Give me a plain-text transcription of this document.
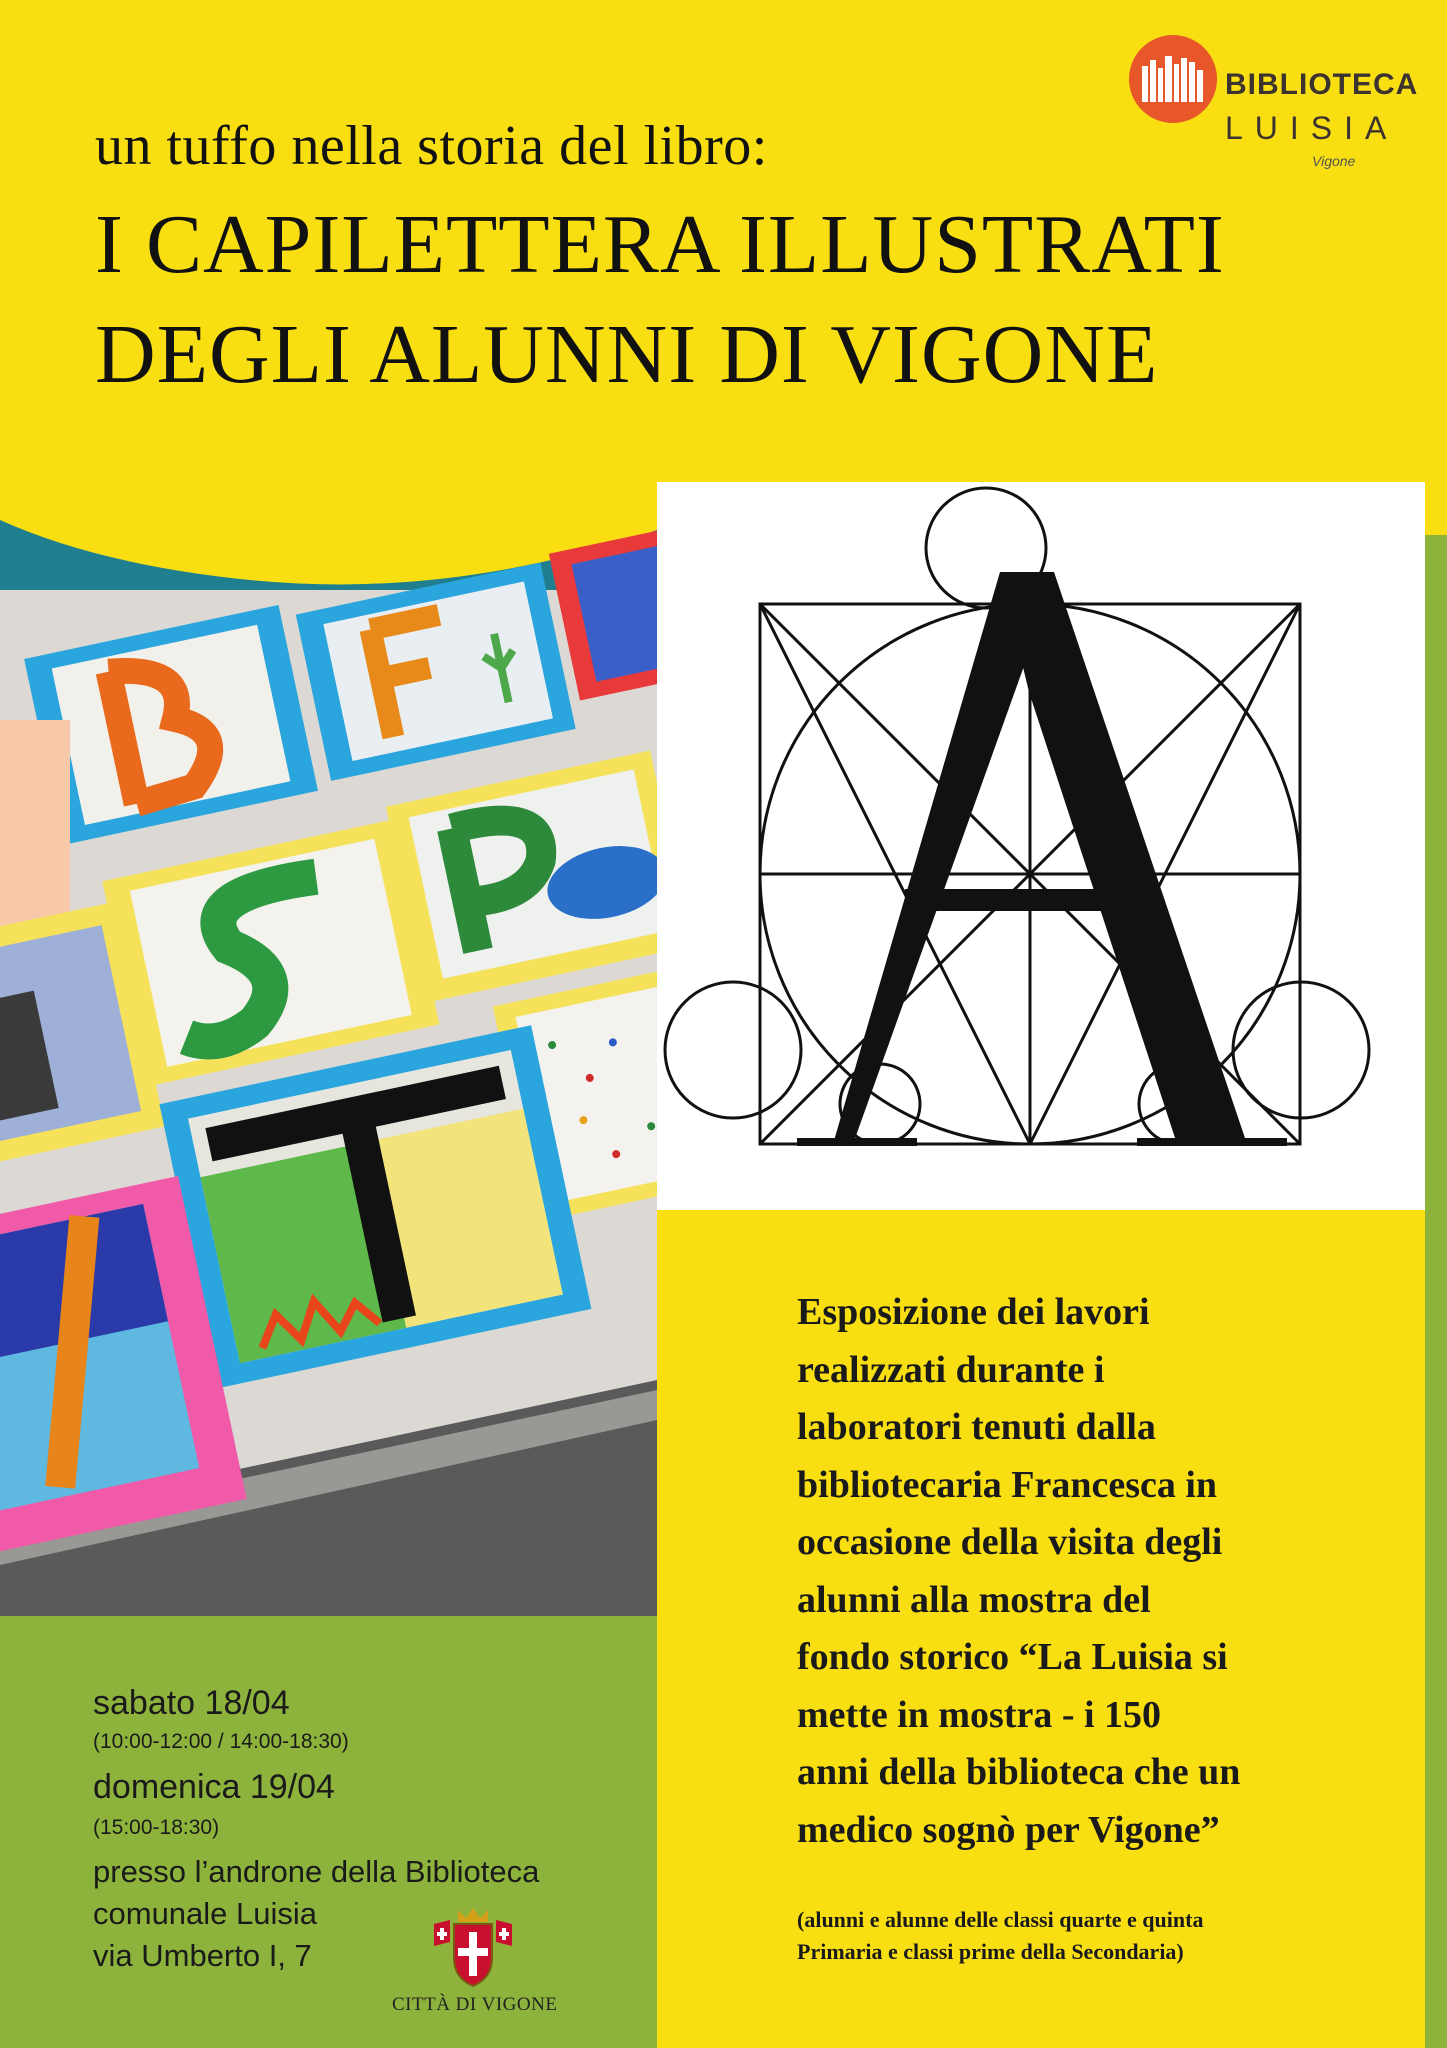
un tuffo nella storia del libro:
I CAPILETTERA ILLUSTRATI
DEGLI ALUNNI DI VIGONE
BIBLIOTECA
LUISIA
Vigone
Esposizione dei lavori
realizzati durante i
laboratori tenuti dalla
bibliotecaria Francesca in
occasione della visita degli
alunni alla mostra del
fondo storico “La Luisia si
mette in mostra - i 150
anni della biblioteca che un
medico sognò per Vigone”
(alunni e alunne delle classi quarte e quinta
Primaria e classi prime della Secondaria)
sabato 18/04
(10:00-12:00 / 14:00-18:30)
domenica 19/04
(15:00-18:30)
presso l’androne della Biblioteca
comunale Luisia
via Umberto I, 7
CITTÀ DI VIGONE
